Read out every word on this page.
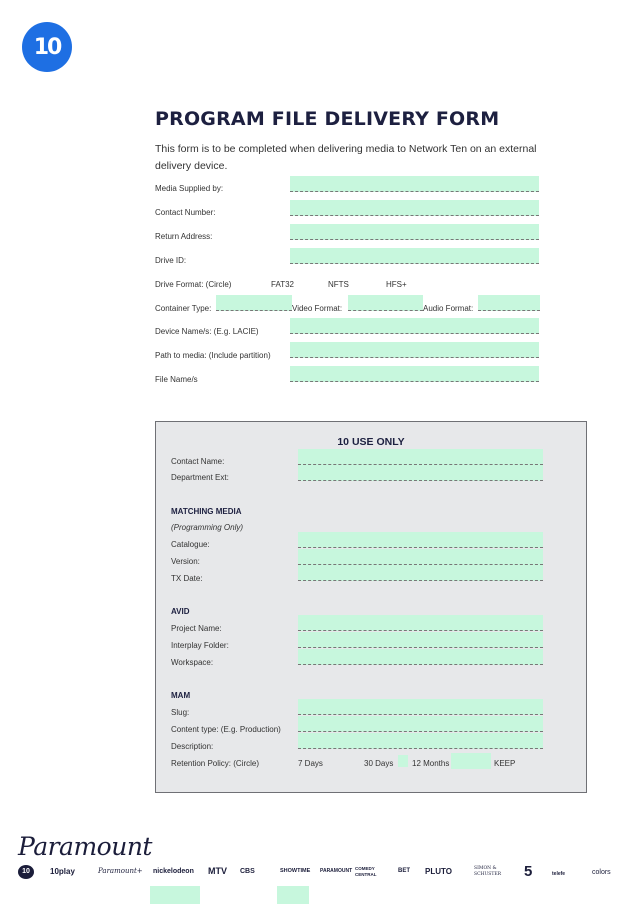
10
PROGRAM FILE DELIVERY FORM
This form is to be completed when delivering media to Network Ten on an external delivery device.
Media Supplied by:
Contact Number:
Return Address:
Drive ID:
Drive Format: (Circle)	FAT32	NFTS	HFS+
Container Type:	Video Format:	Audio Format:
Device Name/s: (E.g. LACIE)
Path to media: (Include partition)
File Name/s
10 USE ONLY
Contact Name:
Department Ext:
MATCHING MEDIA
(Programming Only)
Catalogue:
Version:
TX Date:
AVID
Project Name:
Interplay Folder:
Workspace:
MAM
Slug:
Content type: (E.g. Production)
Description:
Retention Policy: (Circle)	7 Days	30 Days 12 Months	KEEP
Paramount
10	10play	Paramount+ nickelodeon MTV CBS	SHOWTIME PARAMOUNT COMEDY CENTRAL
BET PLUTO	SIMON & SCHUSTER	5	telefe	colors
